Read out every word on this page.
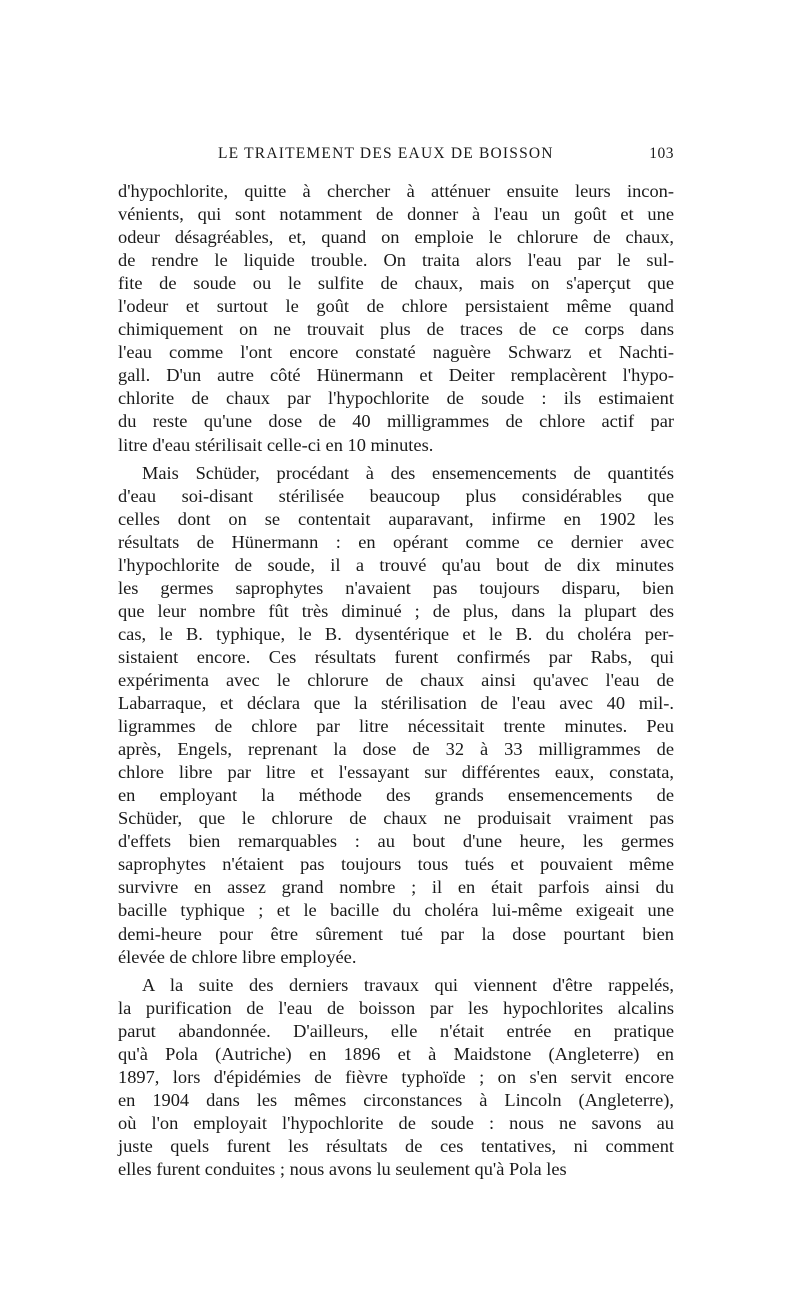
LE TRAITEMENT DES EAUX DE BOISSON	103
d'hypochlorite, quitte à chercher à atténuer ensuite leurs incon-
vénients, qui sont notamment de donner à l'eau un goût et une
odeur désagréables, et, quand on emploie le chlorure de chaux,
de rendre le liquide trouble. On traita alors l'eau par le sul-
fite de soude ou le sulfite de chaux, mais on s'aperçut que
l'odeur et surtout le goût de chlore persistaient même quand
chimiquement on ne trouvait plus de traces de ce corps dans
l'eau comme l'ont encore constaté naguère Schwarz et Nachti-
gall. D'un autre côté Hünermann et Deiter remplacèrent l'hypo-
chlorite de chaux par l'hypochlorite de soude : ils estimaient
du reste qu'une dose de 40 milligrammes de chlore actif par
litre d'eau stérilisait celle-ci en 10 minutes.
Mais Schüder, procédant à des ensemencements de quantités
d'eau soi-disant stérilisée beaucoup plus considérables que
celles dont on se contentait auparavant, infirme en 1902 les
résultats de Hünermann : en opérant comme ce dernier avec
l'hypochlorite de soude, il a trouvé qu'au bout de dix minutes
les germes saprophytes n'avaient pas toujours disparu, bien
que leur nombre fût très diminué ; de plus, dans la plupart des
cas, le B. typhique, le B. dysentérique et le B. du choléra per-
sistaient encore. Ces résultats furent confirmés par Rabs, qui
expérimenta avec le chlorure de chaux ainsi qu'avec l'eau de
Labarraque, et déclara que la stérilisation de l'eau avec 40 mil-.
ligrammes de chlore par litre nécessitait trente minutes. Peu
après, Engels, reprenant la dose de 32 à 33 milligrammes de
chlore libre par litre et l'essayant sur différentes eaux, constata,
en employant la méthode des grands ensemencements de
Schüder, que le chlorure de chaux ne produisait vraiment pas
d'effets bien remarquables : au bout d'une heure, les germes
saprophytes n'étaient pas toujours tous tués et pouvaient même
survivre en assez grand nombre ; il en était parfois ainsi du
bacille typhique ; et le bacille du choléra lui-même exigeait une
demi-heure pour être sûrement tué par la dose pourtant bien
élevée de chlore libre employée.
A la suite des derniers travaux qui viennent d'être rappelés,
la purification de l'eau de boisson par les hypochlorites alcalins
parut abandonnée. D'ailleurs, elle n'était entrée en pratique
qu'à Pola (Autriche) en 1896 et à Maidstone (Angleterre) en
1897, lors d'épidémies de fièvre typhoïde ; on s'en servit encore
en 1904 dans les mêmes circonstances à Lincoln (Angleterre),
où l'on employait l'hypochlorite de soude : nous ne savons au
juste quels furent les résultats de ces tentatives, ni comment
elles furent conduites ; nous avons lu seulement qu'à Pola les
